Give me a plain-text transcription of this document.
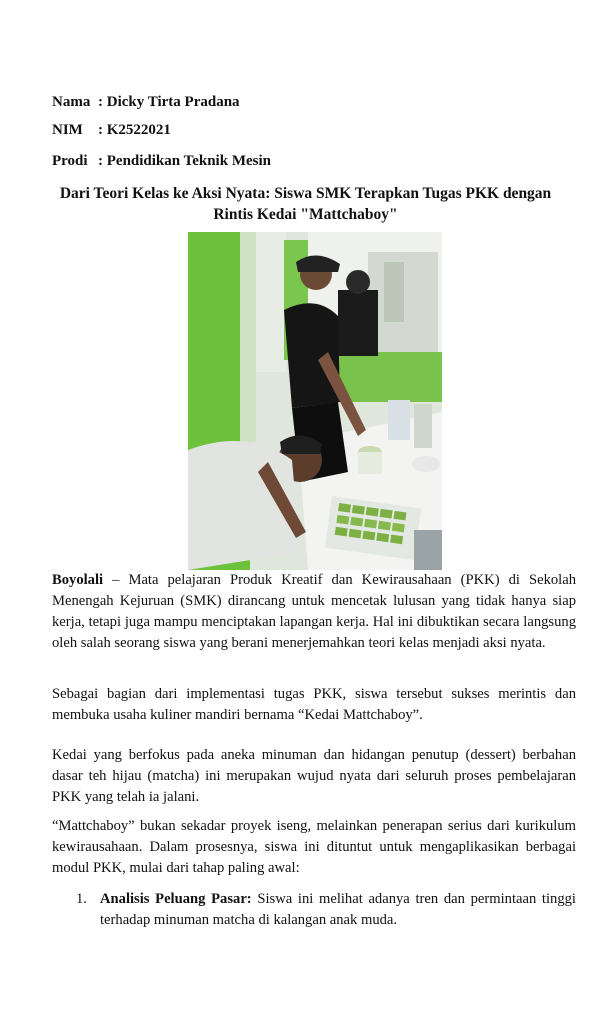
Nama : Dicky Tirta Pradana
NIM : K2522021
Prodi : Pendidikan Teknik Mesin
Dari Teori Kelas ke Aksi Nyata: Siswa SMK Terapkan Tugas PKK dengan
Rintis Kedai "Mattchaboy"

Boyolali – Mata pelajaran Produk Kreatif dan Kewirausahaan (PKK) di Sekolah Menengah Kejuruan (SMK) dirancang untuk mencetak lulusan yang tidak hanya siap kerja, tetapi juga mampu menciptakan lapangan kerja. Hal ini dibuktikan secara langsung oleh salah seorang siswa yang berani menerjemahkan teori kelas menjadi aksi nyata.

Sebagai bagian dari implementasi tugas PKK, siswa tersebut sukses merintis dan membuka usaha kuliner mandiri bernama “Kedai Mattchaboy”.

Kedai yang berfokus pada aneka minuman dan hidangan penutup (dessert) berbahan dasar teh hijau (matcha) ini merupakan wujud nyata dari seluruh proses pembelajaran PKK yang telah ia jalani.

“Mattchaboy” bukan sekadar proyek iseng, melainkan penerapan serius dari kurikulum kewirausahaan. Dalam prosesnya, siswa ini dituntut untuk mengaplikasikan berbagai modul PKK, mulai dari tahap paling awal:

1. Analisis Peluang Pasar: Siswa ini melihat adanya tren dan permintaan tinggi terhadap minuman matcha di kalangan anak muda.
